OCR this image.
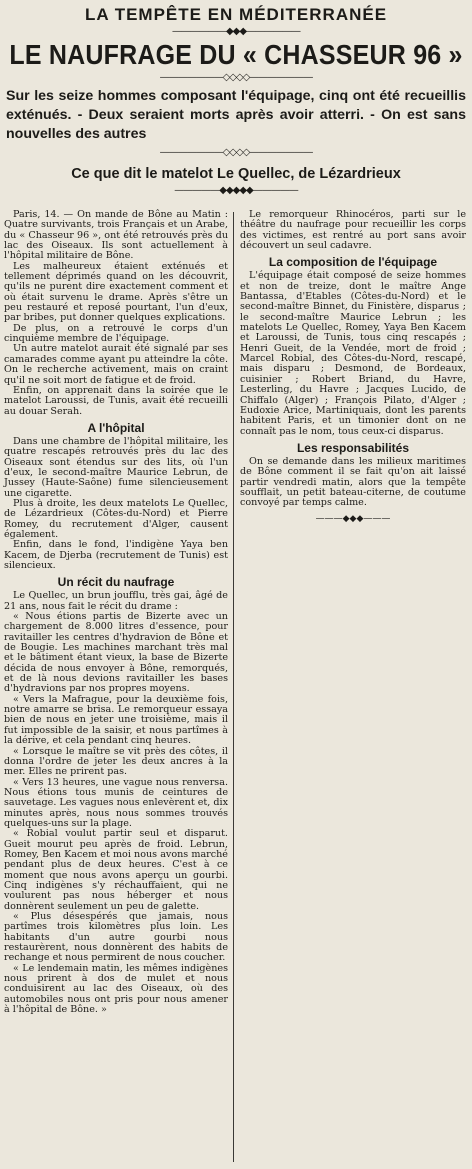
LA TEMPÊTE EN MÉDITERRANÉE
——————◆◆◆——————
LE NAUFRAGE DU « CHASSEUR 96 »
———————◇◇◇◇———————
Sur les seize hommes composant l'équipage, cinq ont été recueillis exténués. - Deux seraient morts après avoir atterri. - On est sans nouvelles des autres
———————◇◇◇◇———————
Ce que dit le matelot Le Quellec, de Lézardrieux
—————◆◆◆◆◆—————

Paris, 14. — On mande de Bône au Matin : Quatre survivants, trois Français et un Arabe, du « Chasseur 96 », ont été retrouvés près du lac des Oiseaux. Ils sont actuellement à l'hôpital militaire de Bône.

Les malheureux étaient exténués et tellement déprimés quand on les découvrit, qu'ils ne purent dire exactement comment et où était survenu le drame. Après s'être un peu restauré et reposé pourtant, l'un d'eux, par bribes, put donner quelques explications.

De plus, on a retrouvé le corps d'un cinquième membre de l'équipage.

Un autre matelot aurait été signalé par ses camarades comme ayant pu atteindre la côte. On le recherche activement, mais on craint qu'il ne soit mort de fatigue et de froid.

Enfin, on apprenait dans la soirée que le matelot Laroussi, de Tunis, avait été recueilli au douar Serah.

A l'hôpital

Dans une chambre de l'hôpital militaire, les quatre rescapés retrouvés près du lac des Oiseaux sont étendus sur des lits, où l'un d'eux, le second-maître Maurice Lebrun, de Jussey (Haute-Saône) fume silencieusement une cigarette.

Plus à droite, les deux matelots Le Quellec, de Lézardrieux (Côtes-du-Nord) et Pierre Romey, du recrutement d'Alger, causent également.

Enfin, dans le fond, l'indigène Yaya ben Kacem, de Djerba (recrutement de Tunis) est silencieux.

Un récit du naufrage

Le Quellec, un brun joufflu, très gai, âgé de 21 ans, nous fait le récit du drame :

« Nous étions partis de Bizerte avec un chargement de 8.000 litres d'essence, pour ravitailler les centres d'hydravion de Bône et de Bougie. Les machines marchant très mal et le bâtiment étant vieux, la base de Bizerte décida de nous envoyer à Bône, remorqués, et de là nous devions ravitailler les bases d'hydravions par nos propres moyens.

« Vers la Mafrague, pour la deuxième fois, notre amarre se brisa. Le remorqueur essaya bien de nous en jeter une troisième, mais il fut impossible de la saisir, et nous partîmes à la dérive, et cela pendant cinq heures.

« Lorsque le maître se vit près des côtes, il donna l'ordre de jeter les deux ancres à la mer. Elles ne prirent pas.

« Vers 13 heures, une vague nous renversa. Nous étions tous munis de ceintures de sauvetage. Les vagues nous enlevèrent et, dix minutes après, nous nous sommes trouvés quelques-uns sur la plage.

« Robial voulut partir seul et disparut. Gueit mourut peu après de froid. Lebrun, Romey, Ben Kacem et moi nous avons marché pendant plus de deux heures. C'est à ce moment que nous avons aperçu un gourbi. Cinq indigènes s'y réchauffaient, qui ne voulurent pas nous héberger et nous donnèrent seulement un peu de galette.

« Plus désespérés que jamais, nous partîmes trois kilomètres plus loin. Les habitants d'un autre gourbi nous restaurèrent, nous donnèrent des habits de rechange et nous permirent de nous coucher.

« Le lendemain matin, les mêmes indigènes nous prirent à dos de mulet et nous conduisirent au lac des Oiseaux, où des automobiles nous ont pris pour nous amener à l'hôpital de Bône. »

Le remorqueur Rhinocéros, parti sur le théâtre du naufrage pour recueillir les corps des victimes, est rentré au port sans avoir découvert un seul cadavre.

La composition de l'équipage

L'équipage était composé de seize hommes et non de treize, dont le maître Ange Bantassa, d'Etables (Côtes-du-Nord) et le second-maître Binnet, du Finistère, disparus ; le second-maître Maurice Lebrun ; les matelots Le Quellec, Romey, Yaya Ben Kacem et Laroussi, de Tunis, tous cinq rescapés ; Henri Gueit, de la Vendée, mort de froid ; Marcel Robial, des Côtes-du-Nord, rescapé, mais disparu ; Desmond, de Bordeaux, cuisinier ; Robert Briand, du Havre, Lesterling, du Havre ; Jacques Lucido, de Chiffalo (Alger) ; François Pilato, d'Alger ; Eudoxie Arice, Martiniquais, dont les parents habitent Paris, et un timonier dont on ne connaît pas le nom, tous ceux-ci disparus.

Les responsabilités

On se demande dans les milieux maritimes de Bône comment il se fait qu'on ait laissé partir vendredi matin, alors que la tempête soufflait, un petit bateau-citerne, de coutume convoyé par temps calme.

———◆◆◆———
